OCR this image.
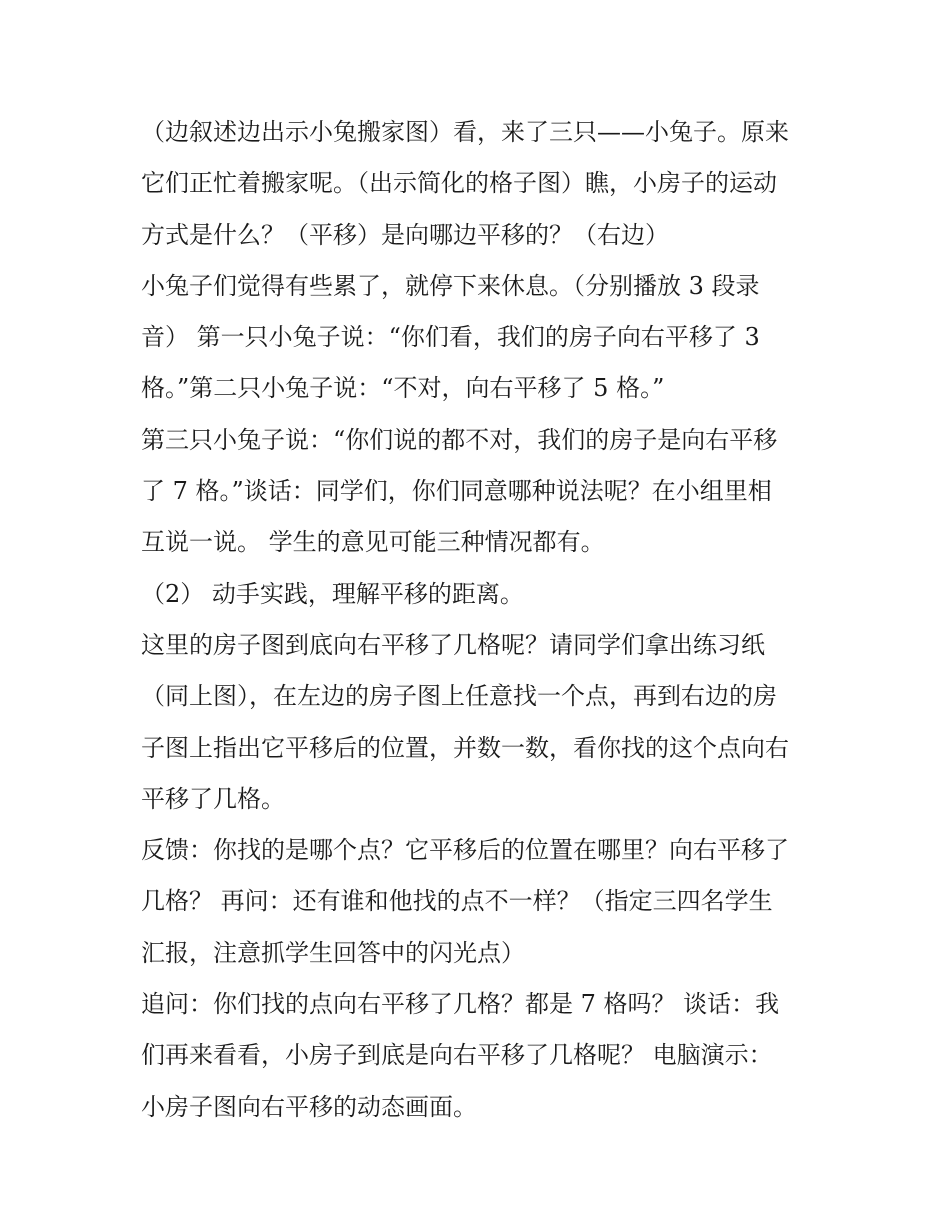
（边叙述边出示小兔搬家图）看，来了三只——小兔子。原来
它们正忙着搬家呢。（出示简化的格子图）瞧，小房子的运动
方式是什么？（平移）是向哪边平移的？（右边）
小兔子们觉得有些累了，就停下来休息。（分别播放 3 段录
音） 第一只小兔子说：“你们看，我们的房子向右平移了 3
格。”第二只小兔子说：“不对，向右平移了 5 格。”
第三只小兔子说：“你们说的都不对，我们的房子是向右平移
了 7 格。”谈话：同学们，你们同意哪种说法呢？在小组里相
互说一说。 学生的意见可能三种情况都有。
（2） 动手实践，理解平移的距离。
这里的房子图到底向右平移了几格呢？请同学们拿出练习纸
（同上图），在左边的房子图上任意找一个点，再到右边的房
子图上指出它平移后的位置，并数一数，看你找的这个点向右
平移了几格。
反馈：你找的是哪个点？它平移后的位置在哪里？向右平移了
几格？ 再问：还有谁和他找的点不一样？（指定三四名学生
汇报，注意抓学生回答中的闪光点）
追问：你们找的点向右平移了几格？都是 7 格吗？ 谈话：我
们再来看看，小房子到底是向右平移了几格呢？ 电脑演示：
小房子图向右平移的动态画面。
